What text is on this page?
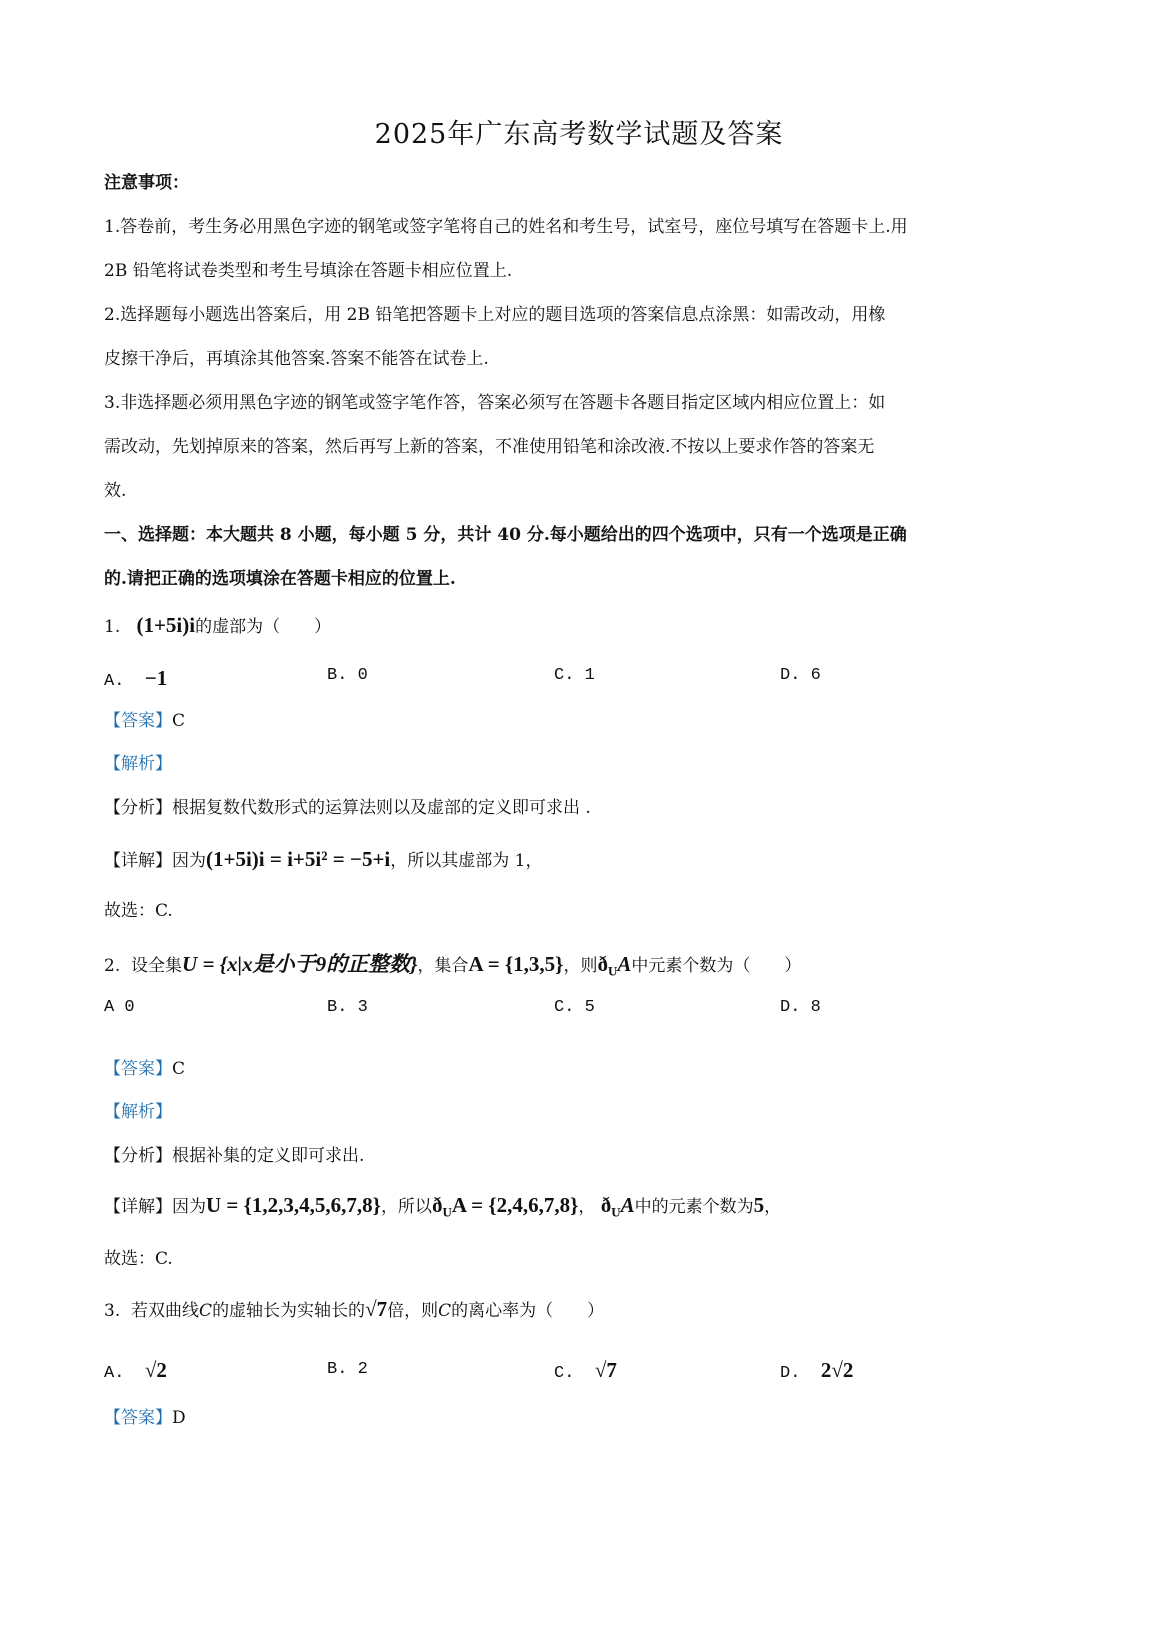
2025年广东高考数学试题及答案
注意事项：
1.答卷前，考生务必用黑色字迹的钢笔或签字笔将自己的姓名和考生号，试室号，座位号填写在答题卡上.用
2B 铅笔将试卷类型和考生号填涂在答题卡相应位置上.
2.选择题每小题选出答案后，用 2B 铅笔把答题卡上对应的题目选项的答案信息点涂黑：如需改动，用橡
皮擦干净后，再填涂其他答案.答案不能答在试卷上.
3.非选择题必须用黑色字迹的钢笔或签字笔作答，答案必须写在答题卡各题目指定区域内相应位置上：如
需改动，先划掉原来的答案，然后再写上新的答案，不准使用铅笔和涂改液.不按以上要求作答的答案无
效.
一、选择题：本大题共 8 小题，每小题 5 分，共计 40 分.每小题给出的四个选项中，只有一个选项是正确
的.请把正确的选项填涂在答题卡相应的位置上.
1. (1+5i)i的虚部为（　　）
A. −1	B. 0	C. 1	D. 6
【答案】C
【解析】
【分析】根据复数代数形式的运算法则以及虚部的定义即可求出 .
【详解】因为(1+5i)i = i+5i² = −5+i，所以其虚部为 1，
故选：C.
2. 设全集U = {x|x是小于9的正整数}，集合A = {1,3,5}，则$ð_UA$中元素个数为（　　）
A 0	B. 3	C. 5	D. 8
【答案】C
【解析】
【分析】根据补集的定义即可求出.
【详解】因为U = {1,2,3,4,5,6,7,8}，所以$ð_UA = \{2,4,6,7,8\}$， $ð_UA$中的元素个数为5，
故选：C.
3. 若双曲线C的虚轴长为实轴长的√7倍，则C的离心率为（　　）
A. √2	B. 2	C. √7	D. 2√2
【答案】D
